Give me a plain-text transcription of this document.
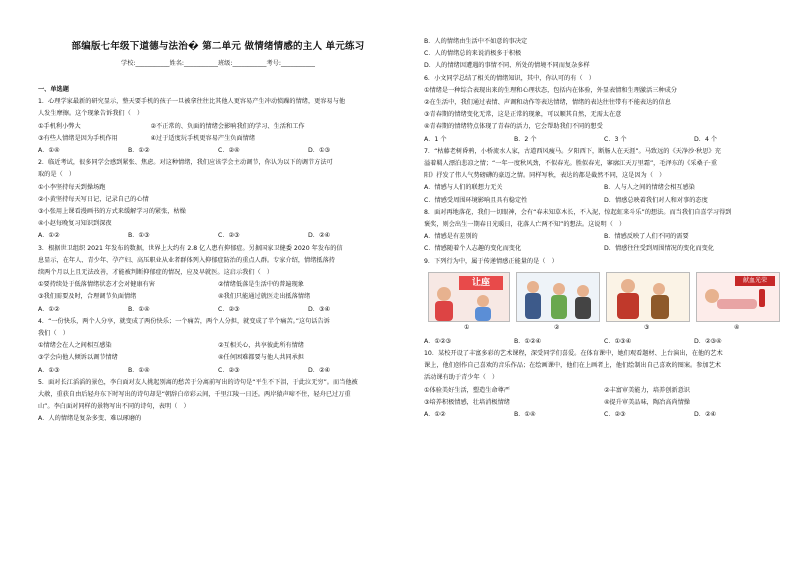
部编版七年级下道德与法治� 第二单元 做情绪情感的主人 单元练习
学校:___________姓名:___________班级:___________考号:___________
一、单选题
1．心理学家最新的研究显示，整天要手机的孩子一旦被拿往往比其他人更容易产生冲动愤躁的情绪，更容易与他
人发生摩擦。这个现象告诉我们（　）
①手机利小弊大	②不正常的、负面的情绪会影响我们的学习、生活和工作
③有些人情绪是因为手机作用	④过于适度玩手机更容易产生负面情绪
A．①④	B．①②	C．②④	D．①③
2．临近考试，很多同学会感到紧张、焦虑。对这种情绪，我们应该学会主动调节，你认为以下的调节方法可
取的是（　）
①小李坚持每天到操场跑
②小黄坚持每天写日记，记录自己的心情
③小张用上课看漫画书的方式来缓解学习的紧张，枯燥
④小赵每晚复习知识到深夜
A．①②	B．①③	C．②③	D．②④
3．根据世卫组织 2021 年发布的数据，世界上大约有 2.8 亿人患有抑郁症。另据国家卫健委 2020 年发布的信
息显示，在年人、青少年、孕产妇、高压职业从业者群体列入抑郁症防治的重点人群。专家介绍，情绪抵落持
续两个月以上且无法改善，才能被判断抑郁症的情况，应及早就医。这启示我们（　）
①要持续处于低落情绪状态才会对健康有害	②情绪低落是生活中的普遍现象
③我们需要及时，合理调节负面情绪	④我们只能通过就医走出抵落情绪
A．①②	B．①④	C．②③	D．③④
4．“一份快乐，两个人分享，就变成了两份快乐；一个痛苦，两个人分担，就变成了半个痛苦。”这句话告诉
我们（　）
①情绪会在人之间相互感染	②互相关心，共享彼此所有情绪
③学会向他人倾诉以调节情绪	④任何困难都要与他人共同承担
A．①③	B．①④	C．②③	D．②④
5．面对长江滔滔的景色，李白面对友人挑起别离的愁苦于分离前写出的诗句是“平生不下泪，于此泣无穷”。而当他被
大赦，重获自由后轻舟东下时写出的诗句却是“朝辞白帝彩云间，千里江陵一日还。两岸猿声啼不住，轻舟已过万重
山”。李白面对同样的景物写出不同的诗句，表明（　）
A．人的情绪是复杂多变、难以琢磨的
B．人的情绪由生活中不如意的事决定
C．人的情绪总的来说消极多于积极
D．人的情绪因遭遇的事情不同、所处的情境不同而复杂多样
6．小文同学总结了相关的情绪知识，其中，你认可的有（　）
①情绪是一种综合表现出来的生理和心理状态，包括内在体验，外显表情和生理激活三种成分
②在生活中，我们通过表情、声调和动作等表达情绪，情绪的表达往往带有不能表达的信息
③青春期的情绪变化无常，这是正常的现象，可以顺其自然，无需太在意
④青春期的情绪特点体现了青春的活力，它会帮助我们不同的想受
A．1 个	B．2 个	C．3 个	D．4 个
7．“枯藤老树昏鸦，小桥流水人家，古道西风瘦马。夕阳西下，断肠人在天涯”。马致远的《天净沙·秋思》充
溢着羁人漂泊悲凉之情；“一年一度秋风劲，不似春光。胜似春光，寥廓江天万里霜”，毛泽东的《采桑子·重
阳》抒发了伟人气势磅礴的豪迈之情。同样写秋，表达的都是截然不同，这是因为（　）
A．情感与人们的联想力无关	B．人与人之间的情绪会相互感染
C．情感受周围环境影响且具有稳定性	D．情感总映着我们对人和对事的态度
8．面对再地落花，我们一切眼神，会有“春未知草木长，不入泥，惊起虹来斗乐”的想法。而当我们自喜学习得到
褒奖，则会出生一期春日光暖日，花落人亡两不知”的想法。这说明（　）
A．情感是有差别的	B．情感反映了人们不同的需要
C．情感随着个人志趣的变化而变化	D．情感往往受到周围情况的变化而变化
9．下列行为中，属于传递情感正能量的是（　）
让座	献血光荣
①	②	③	④
A．①②③	B．①②④	C．①③④	D．②③④
10．某校开设了丰富多彩的艺术课程，深受同学们喜爱。在体育课中，她们观看题材、上台演出，在他的艺术
课上，他们创作自己喜欢的音乐作品；在绘画课中，他们在上画者上，他们绘制出自己喜欢的图案。参加艺术
活动课有助于青少年（　）
①体验美好生活，塑造生命尊严	②丰富审美能力，培养创新意识
③培养积极情感，壮培消极情绪	④提升审美品味，陶冶高尚情操
A．①②	B．①④	C．②③	D．②④
